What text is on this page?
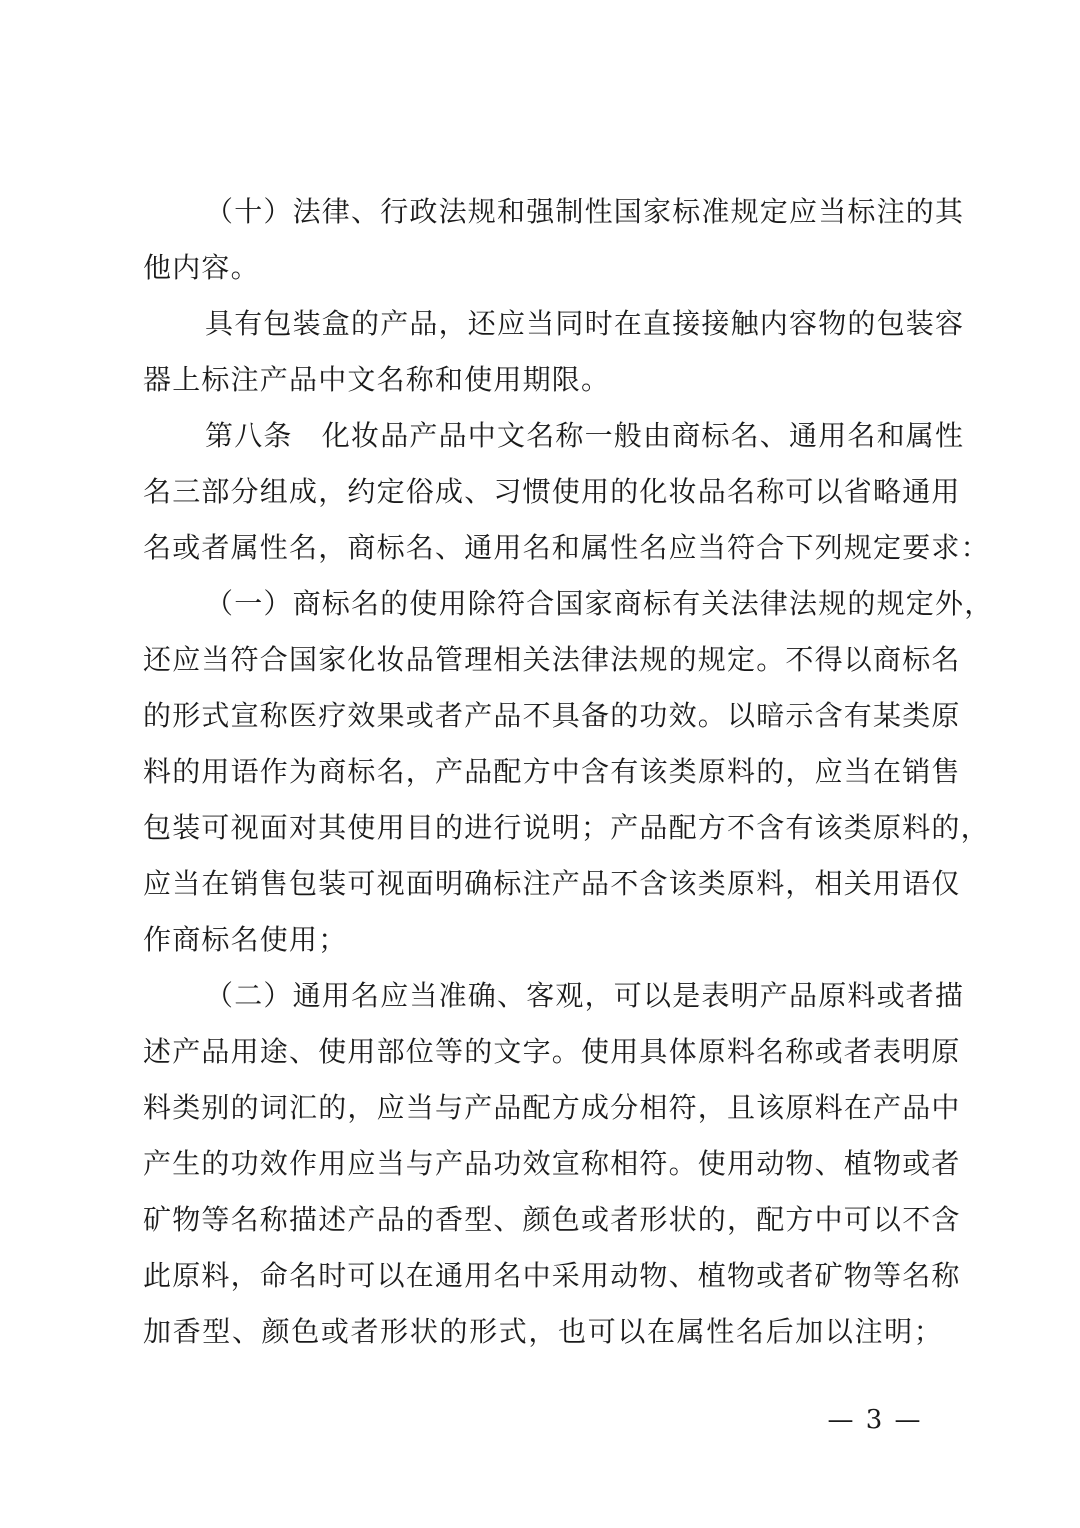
（十）法律、行政法规和强制性国家标准规定应当标注的其
他内容。
具有包装盒的产品，还应当同时在直接接触内容物的包装容
器上标注产品中文名称和使用期限。
第八条　化妆品产品中文名称一般由商标名、通用名和属性
名三部分组成，约定俗成、习惯使用的化妆品名称可以省略通用
名或者属性名，商标名、通用名和属性名应当符合下列规定要求：
（一）商标名的使用除符合国家商标有关法律法规的规定外，
还应当符合国家化妆品管理相关法律法规的规定。不得以商标名
的形式宣称医疗效果或者产品不具备的功效。以暗示含有某类原
料的用语作为商标名，产品配方中含有该类原料的，应当在销售
包装可视面对其使用目的进行说明；产品配方不含有该类原料的，
应当在销售包装可视面明确标注产品不含该类原料，相关用语仅
作商标名使用；
（二）通用名应当准确、客观，可以是表明产品原料或者描
述产品用途、使用部位等的文字。使用具体原料名称或者表明原
料类别的词汇的，应当与产品配方成分相符，且该原料在产品中
产生的功效作用应当与产品功效宣称相符。使用动物、植物或者
矿物等名称描述产品的香型、颜色或者形状的，配方中可以不含
此原料，命名时可以在通用名中采用动物、植物或者矿物等名称
加香型、颜色或者形状的形式，也可以在属性名后加以注明；
— 3 —
